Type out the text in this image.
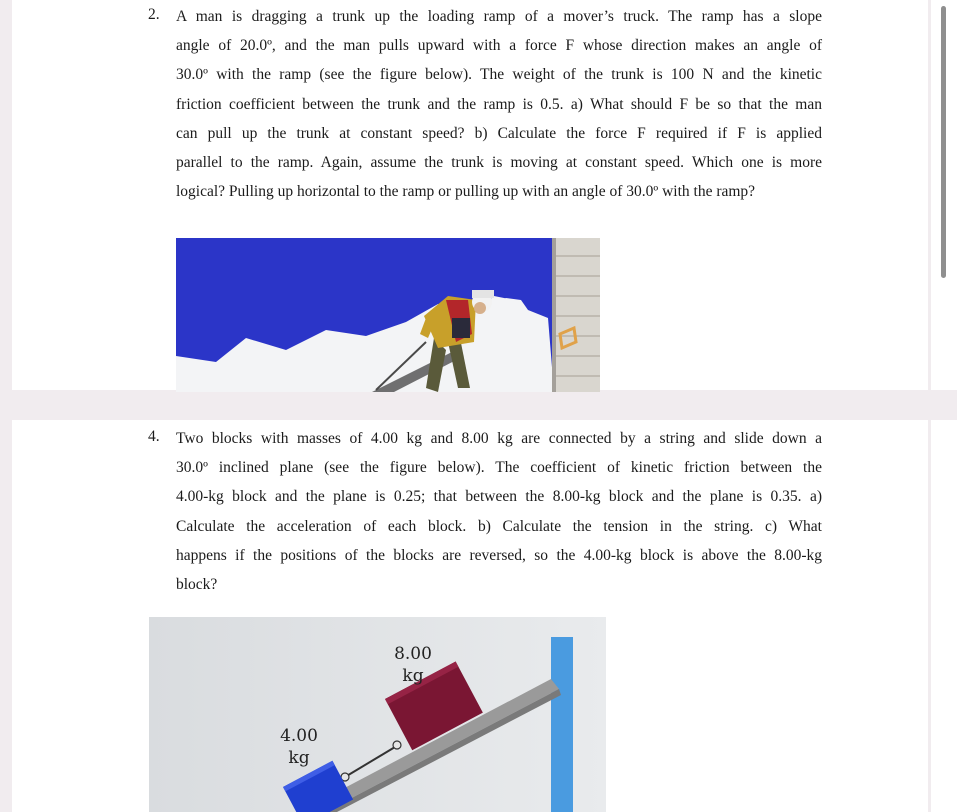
2. A man is dragging a trunk up the loading ramp of a mover’s truck. The ramp has a slope
angle of 20.0º, and the man pulls upward with a force F whose direction makes an angle of
30.0º with the ramp (see the figure below). The weight of the trunk is 100 N and the kinetic
friction coefficient between the trunk and the ramp is 0.5. a) What should F be so that the man
can pull up the trunk at constant speed? b) Calculate the force F required if F is applied
parallel to the ramp. Again, assume the trunk is moving at constant speed. Which one is more
logical? Pulling up horizontal to the ramp or pulling up with an angle of 30.0º with the ramp?
4. Two blocks with masses of 4.00 kg and 8.00 kg are connected by a string and slide down a
30.0º inclined plane (see the figure below). The coefficient of kinetic friction between the
4.00-kg block and the plane is 0.25; that between the 8.00-kg block and the plane is 0.35. a)
Calculate the acceleration of each block. b) Calculate the tension in the string. c) What
happens if the positions of the blocks are reversed, so the 4.00-kg block is above the 8.00-kg
block?
8.00
kg
4.00
kg
